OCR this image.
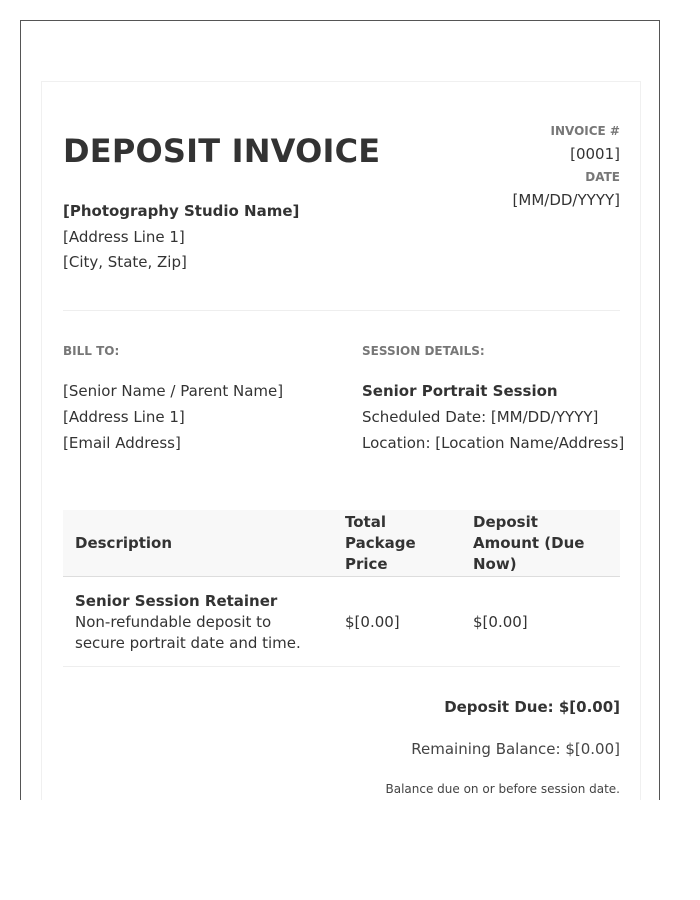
DEPOSIT INVOICE
INVOICE #
[0001]
DATE
[MM/DD/YYYY]
[Photography Studio Name]
[Address Line 1]
[City, State, Zip]
BILL TO:
[Senior Name / Parent Name]
[Address Line 1]
[Email Address]
SESSION DETAILS:
Senior Portrait Session
Scheduled Date: [MM/DD/YYYY]
Location: [Location Name/Address]
Description	Total Package Price	Deposit Amount (Due Now)

Senior Session Retainer
Non-refundable deposit to secure portrait date and time.	$[0.00]	$[0.00]
Deposit Due: $[0.00]
Remaining Balance: $[0.00]
Balance due on or before session date.
